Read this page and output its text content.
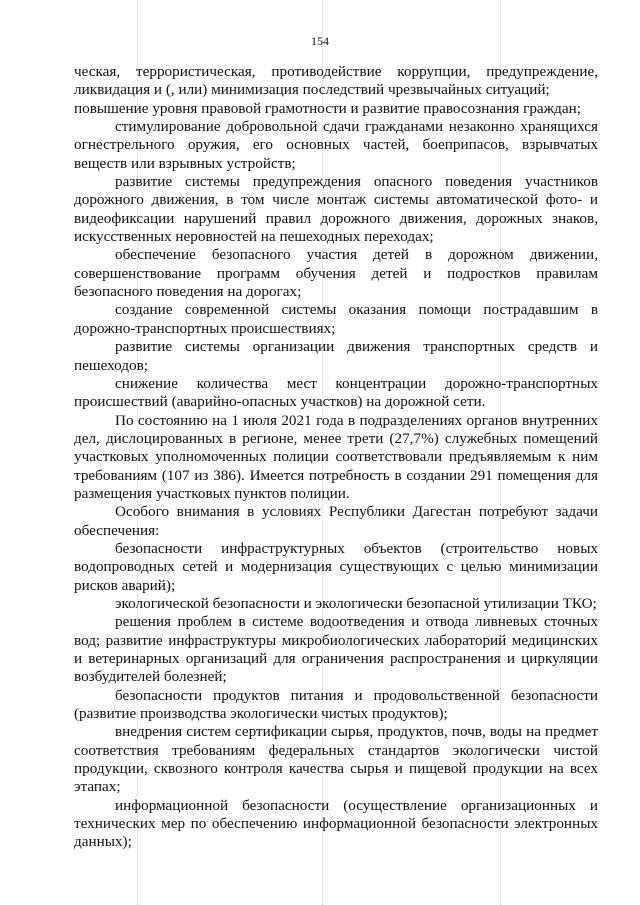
154

ческая, террористическая, противодействие коррупции, предупреждение, ликвидация и (, или) минимизация последствий чрезвычайных ситуаций;

повышение уровня правовой грамотности и развитие правосознания граждан;

стимулирование добровольной сдачи гражданами незаконно хранящихся огнестрельного оружия, его основных частей, боеприпасов, взрывчатых веществ или взрывных устройств;

развитие системы предупреждения опасного поведения участников дорожного движения, в том числе монтаж системы автоматической фото- и видеофиксации нарушений правил дорожного движения, дорожных знаков, искусственных неровностей на пешеходных переходах;

обеспечение безопасного участия детей в дорожном движении, совершенствование программ обучения детей и подростков правилам безопасного поведения на дорогах;

создание современной системы оказания помощи пострадавшим в дорожно-транспортных происшествиях;

развитие системы организации движения транспортных средств и пешеходов;

снижение количества мест концентрации дорожно-транспортных происшествий (аварийно-опасных участков) на дорожной сети.

По состоянию на 1 июля 2021 года в подразделениях органов внутренних дел, дислоцированных в регионе, менее трети (27,7%) служебных помещений участковых уполномоченных полиции соответствовали предъявляемым к ним требованиям (107 из 386). Имеется потребность в создании 291 помещения для размещения участковых пунктов полиции.

Особого внимания в условиях Республики Дагестан потребуют задачи обеспечения:

безопасности инфраструктурных объектов (строительство новых водопроводных сетей и модернизация существующих с целью минимизации рисков аварий);

экологической безопасности и экологически безопасной утилизации ТКО;

решения проблем в системе водоотведения и отвода ливневых сточных вод; развитие инфраструктуры микробиологических лабораторий медицинских и ветеринарных организаций для ограничения распространения и циркуляции возбудителей болезней;

безопасности продуктов питания и продовольственной безопасности (развитие производства экологически чистых продуктов);

внедрения систем сертификации сырья, продуктов, почв, воды на предмет соответствия требованиям федеральных стандартов экологически чистой продукции, сквозного контроля качества сырья и пищевой продукции на всех этапах;

информационной безопасности (осуществление организационных и технических мер по обеспечению информационной безопасности электронных данных);
